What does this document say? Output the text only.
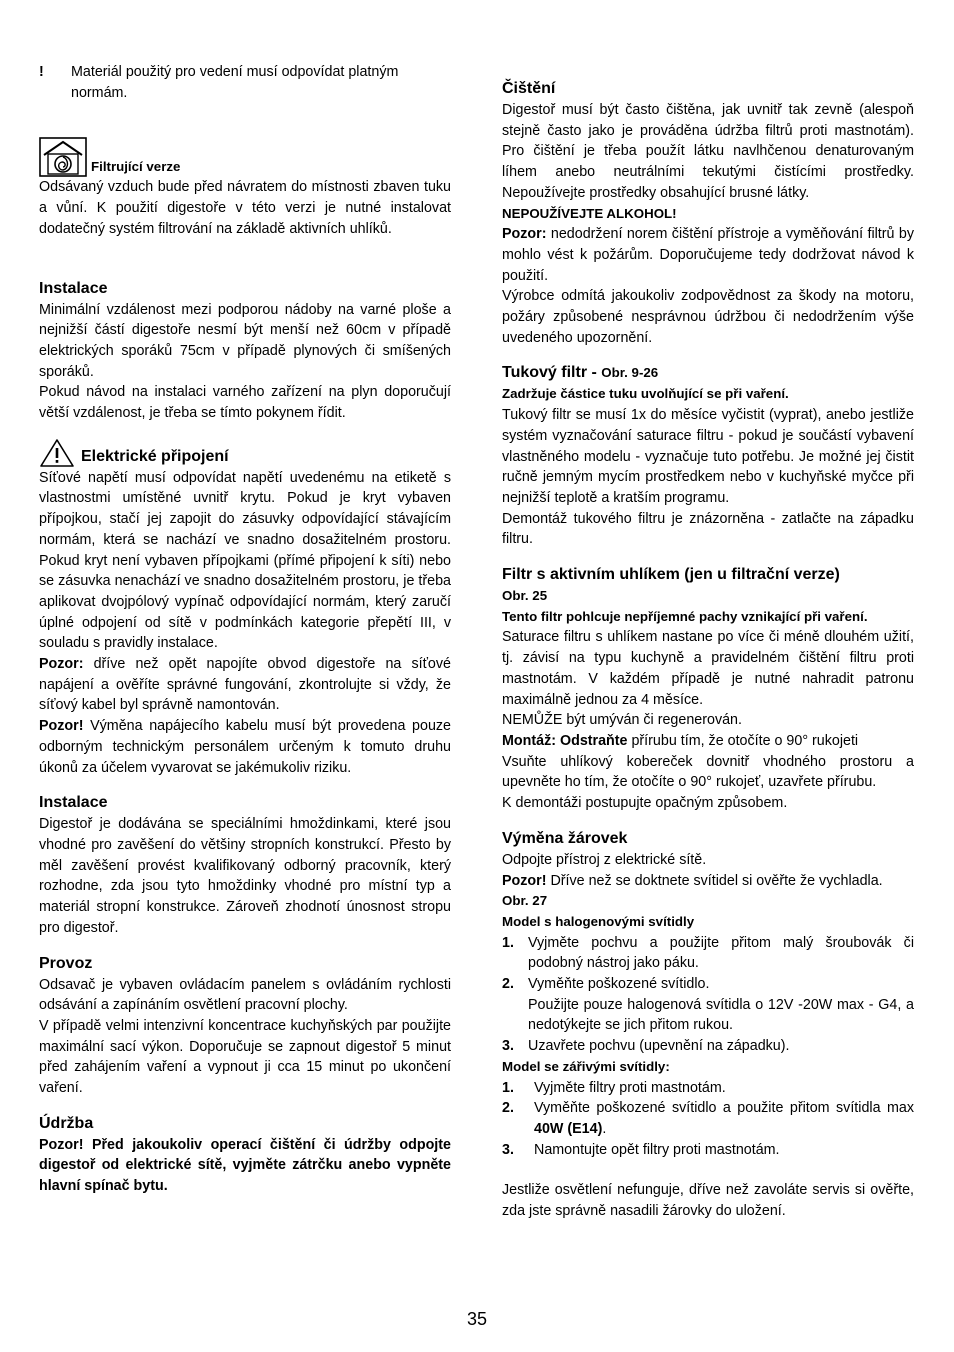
!	Materiál použitý pro vedení musí odpovídat platným normám.
Filtrující verze

Odsávaný vzduch bude před návratem do místnosti zbaven tuku a vůní. K použití digestoře v této verzi je nutné instalovat dodatečný systém filtrování na základě aktivních uhlíků.

Instalace

Minimální vzdálenost mezi podporou nádoby na varné ploše a nejnižší částí digestoře nesmí být menší než 60cm v případě elektrických sporáků 75cm v případě plynových či smíšených sporáků.

Pokud návod na instalaci varného zařízení na plyn doporučují větší vzdálenost, je třeba se tímto pokynem řídit.

Elektrické připojení

Síťové napětí musí odpovídat napětí uvedenému na etiketě s vlastnostmi umístěné uvnitř krytu. Pokud je kryt vybaven přípojkou, stačí jej zapojit do zásuvky odpovídající stávajícím normám, která se nachází ve snadno dosažitelném prostoru. Pokud kryt není vybaven přípojkami (přímé připojení k síti) nebo se zásuvka nenachází ve snadno dosažitelném prostoru, je třeba aplikovat dvojpólový vypínač odpovídající normám, který zaručí úplné odpojení od sítě v podmínkách kategorie přepětí III, v souladu s pravidly instalace.

Pozor: dříve než opět napojíte obvod digestoře na síťové napájení a ověříte správné fungování, zkontrolujte si vždy, že síťový kabel byl správně namontován.

Pozor! Výměna napájecího kabelu musí být provedena pouze odborným technickým personálem určeným k tomuto druhu úkonů za účelem vyvarovat se jakémukoliv riziku.

Instalace

Digestoř je dodávána se speciálními hmoždinkami, které jsou vhodné pro zavěšení do většiny stropních konstrukcí. Přesto by měl zavěšení provést kvalifikovaný odborný pracovník, který rozhodne, zda jsou tyto hmoždinky vhodné pro místní typ a materiál stropní konstrukce. Zároveň zhodnotí únosnost stropu pro digestoř.

Provoz

Odsavač je vybaven ovládacím panelem s ovládáním rychlosti odsávání a zapínáním osvětlení pracovní plochy.

V případě velmi intenzivní koncentrace kuchyňských par použijte maximální sací výkon. Doporučuje se zapnout digestoř 5 minut před zahájením vaření a vypnout ji cca 15 minut po ukončení vaření.

Údržba

Pozor! Před jakoukoliv operací čištění či údržby odpojte digestoř od elektrické sítě, vyjměte zátrčku anebo vypněte hlavní spínač bytu.

Čištění

Digestoř musí být často čištěna, jak uvnitř tak zevně (alespoň stejně často jako je prováděna údržba filtrů proti mastnotám). Pro čištění je třeba použít látku navlhčenou denaturovaným líhem anebo neutrálními tekutými čistícími prostředky. Nepoužívejte prostředky obsahující brusné látky.

NEPOUŽÍVEJTE ALKOHOL!

Pozor: nedodržení norem čištění přístroje a vyměňování filtrů by mohlo vést k požárům. Doporučujeme tedy dodržovat návod k použití.

Výrobce odmítá jakoukoliv zodpovědnost za škody na motoru, požáry způsobené nesprávnou údržbou či nedodržením výše uvedeného upozornění.

Tukový filtr - Obr. 9-26

Zadržuje částice tuku uvolňující se při vaření.

Tukový filtr se musí 1x do měsíce vyčistit (vyprat), anebo jestliže systém vyznačování saturace filtru - pokud je součástí vybavení vlastněného modelu - vyznačuje tuto potřebu. Je možné jej čistit ručně jemným mycím prostředkem nebo v kuchyňské myčce při nejnižší teplotě a kratším programu.

Demontáž tukového filtru je znázorněna - zatlačte na západku filtru.

Filtr s aktivním uhlíkem (jen u filtrační verze)

Obr. 25

Tento filtr pohlcuje nepříjemné pachy vznikající při vaření.

Saturace filtru s uhlíkem nastane po více či méně dlouhém užití, tj. závisí na typu kuchyně a pravidelném čištění filtru proti mastnotám. V každém případě je nutné nahradit patronu maximálně jednou za 4 měsíce.

NEMŮŽE být umýván či regenerován.

Montáž: Odstraňte přírubu tím, že otočíte o 90° rukojeti

Vsuňte uhlíkový kobereček dovnitř vhodného prostoru a upevněte ho tím, že otočíte o 90° rukojeť, uzavřete přírubu.

K demontáži postupujte opačným způsobem.

Výměna žárovek

Odpojte přístroj z elektrické sítě.

Pozor! Dříve než se doktnete svítidel si ověřte že vychladla.

Obr. 27

Model s halogenovými svítidly

1. Vyjměte pochvu a použijte přitom malý šroubovák či podobný nástroj jako páku.
2. Vyměňte poškozené svítidlo.
Použijte pouze halogenová svítidla o 12V -20W max - G4, a nedotýkejte se jich přitom rukou.
3. Uzavřete pochvu (upevnění na západku).

Model se zářivými svítidly:

1.	Vyjměte filtry proti mastnotám.
2.	Vyměňte poškozené svítidlo a použite přitom svítidla max 40W (E14).
3.	Namontujte opět filtry proti mastnotám.

Jestliže osvětlení nefunguje, dříve než zavoláte servis si ověřte, zda jste správně nasadili žárovky do uložení.

35
